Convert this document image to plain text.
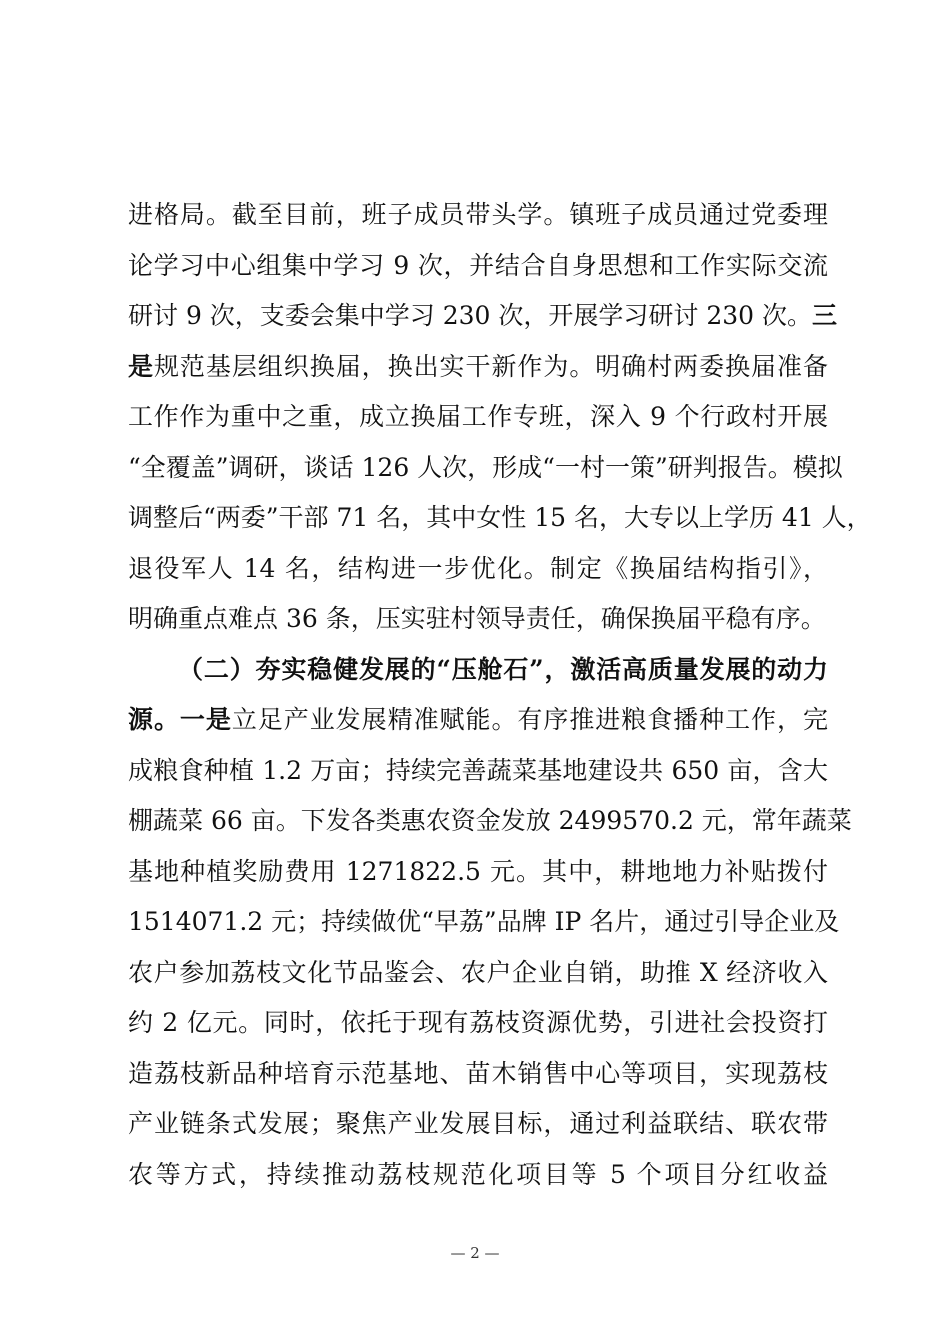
进格局。截至目前，班子成员带头学。镇班子成员通过党委理
论学习中心组集中学习 9 次，并结合自身思想和工作实际交流
研讨 9 次，支委会集中学习 230 次，开展学习研讨 230 次。三
是规范基层组织换届，换出实干新作为。明确村两委换届准备
工作作为重中之重，成立换届工作专班，深入 9 个行政村开展
“全覆盖”调研，谈话 126 人次，形成“一村一策”研判报告。模拟
调整后“两委”干部 71 名，其中女性 15 名，大专以上学历 41 人，
退役军人 14 名，结构进一步优化。制定《换届结构指引》，
明确重点难点 36 条，压实驻村领导责任，确保换届平稳有序。
（二）夯实稳健发展的“压舱石”，激活高质量发展的动力
源。一是立足产业发展精准赋能。有序推进粮食播种工作，完
成粮食种植 1.2 万亩；持续完善蔬菜基地建设共 650 亩，含大
棚蔬菜 66 亩。下发各类惠农资金发放 2499570.2 元，常年蔬菜
基地种植奖励费用 1271822.5 元。其中，耕地地力补贴拨付
1514071.2 元；持续做优“早荔”品牌 IP 名片，通过引导企业及
农户参加荔枝文化节品鉴会、农户企业自销，助推 X 经济收入
约 2 亿元。同时，依托于现有荔枝资源优势，引进社会投资打
造荔枝新品种培育示范基地、苗木销售中心等项目，实现荔枝
产业链条式发展；聚焦产业发展目标，通过利益联结、联农带
农等方式，持续推动荔枝规范化项目等 5 个项目分红收益
— 2 —
